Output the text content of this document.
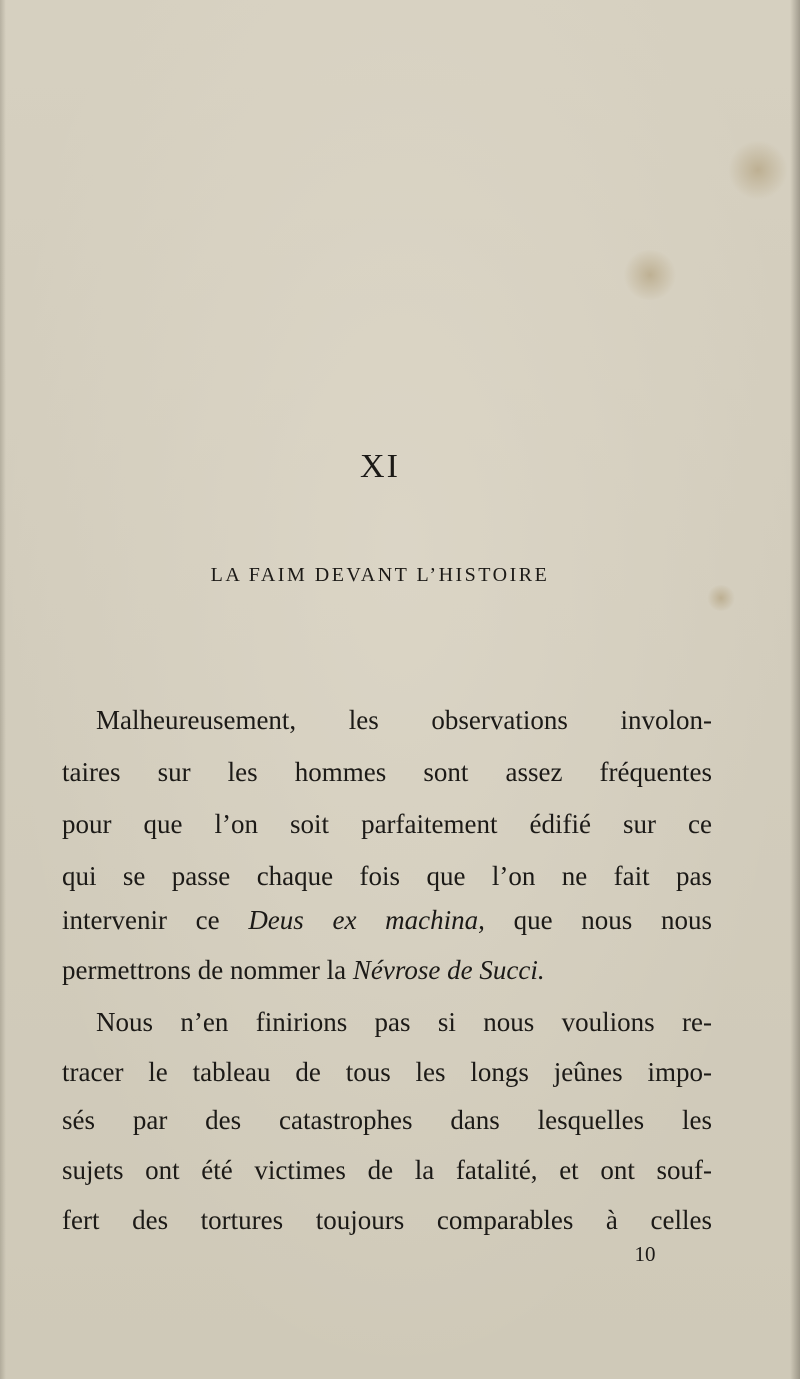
XI
LA FAIM DEVANT L’HISTOIRE
Malheureusement, les observations involon-
taires sur les hommes sont assez fréquentes
pour que l’on soit parfaitement édifié sur ce
qui se passe chaque fois que l’on ne fait pas
intervenir ce Deus ex machina, que nous nous
permettrons de nommer la Névrose de Succi.
Nous n’en finirions pas si nous voulions re-
tracer le tableau de tous les longs jeûnes impo-
sés par des catastrophes dans lesquelles les
sujets ont été victimes de la fatalité, et ont souf-
fert des tortures toujours comparables à celles
10
